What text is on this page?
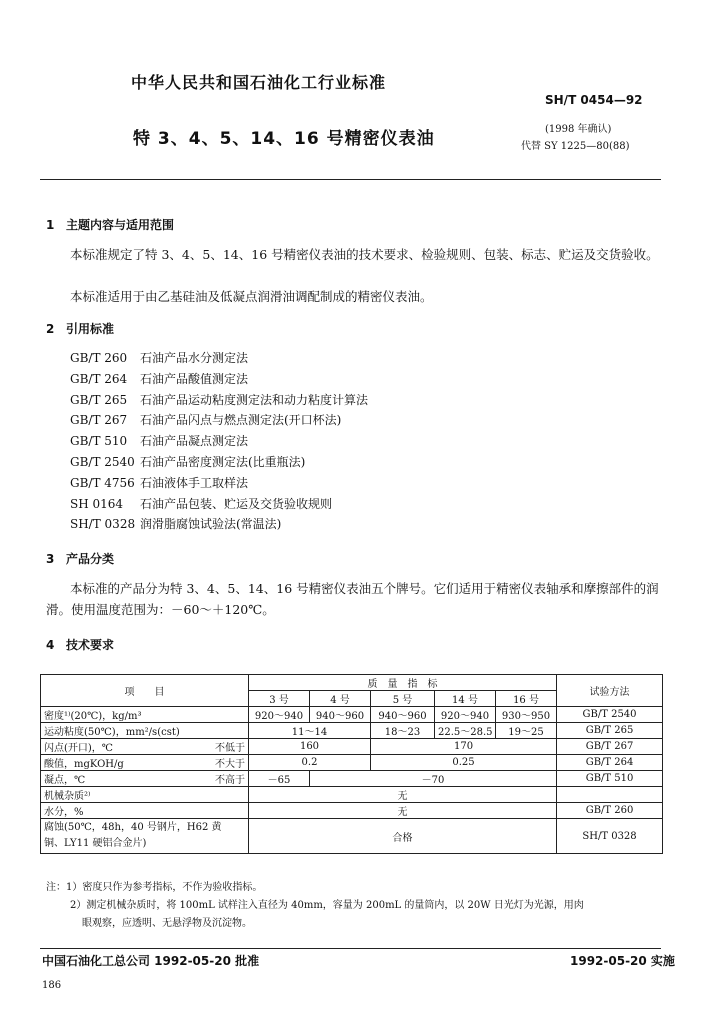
中华人民共和国石油化工行业标准
SH/T 0454—92
特 3、4、5、14、16 号精密仪表油	(1998 年确认)
代替 SY 1225—80(88)
1 主题内容与适用范围
本标准规定了特 3、4、5、14、16 号精密仪表油的技术要求、检验规则、包装、标志、贮运及交货验收。
本标准适用于由乙基硅油及低凝点润滑油调配制成的精密仪表油。
2 引用标准
GB/T 260 石油产品水分测定法
GB/T 264 石油产品酸值测定法
GB/T 265 石油产品运动粘度测定法和动力粘度计算法
GB/T 267 石油产品闪点与燃点测定法(开口杯法)
GB/T 510 石油产品凝点测定法
GB/T 2540 石油产品密度测定法(比重瓶法)
GB/T 4756 石油液体手工取样法
SH 0164 石油产品包装、贮运及交货验收规则
SH/T 0328 润滑脂腐蚀试验法(常温法)
3 产品分类
本标准的产品分为特 3、4、5、14、16 号精密仪表油五个牌号。它们适用于精密仪表轴承和摩擦部件的润滑。使用温度范围为：－60～＋120℃。
4 技术要求
项　　目	质　量　指　标					试验方法
	3 号	4 号	5 号	14 号	16 号	
密度¹⁾(20℃)，kg/m³	920～940	940～960	940～960	920～940	930～950	GB/T 2540
运动粘度(50℃)，mm²/s(cst)	11～14		18～23	22.5～28.5	19～25	GB/T 265
闪点(开口)，℃ 不低于	160		170			GB/T 267
酸值，mgKOH/g 不大于	0.2		0.25			GB/T 264
凝点，℃ 不高于	－65	－70				GB/T 510
机械杂质²⁾	无					
水分，%	无					GB/T 260

腐蚀(50℃，48h，40 号钢片，H62 黄
铜、LY11 硬铝合金片)	合格					SH/T 0328
注：1）密度只作为参考指标，不作为验收指标。
2）测定机械杂质时，将 100mL 试样注入直径为 40mm，容量为 200mL 的量筒内，以 20W 日光灯为光源，用肉
眼观察，应透明、无悬浮物及沉淀物。
中国石油化工总公司 1992-05-20 批准	1992-05-20 实施
186
